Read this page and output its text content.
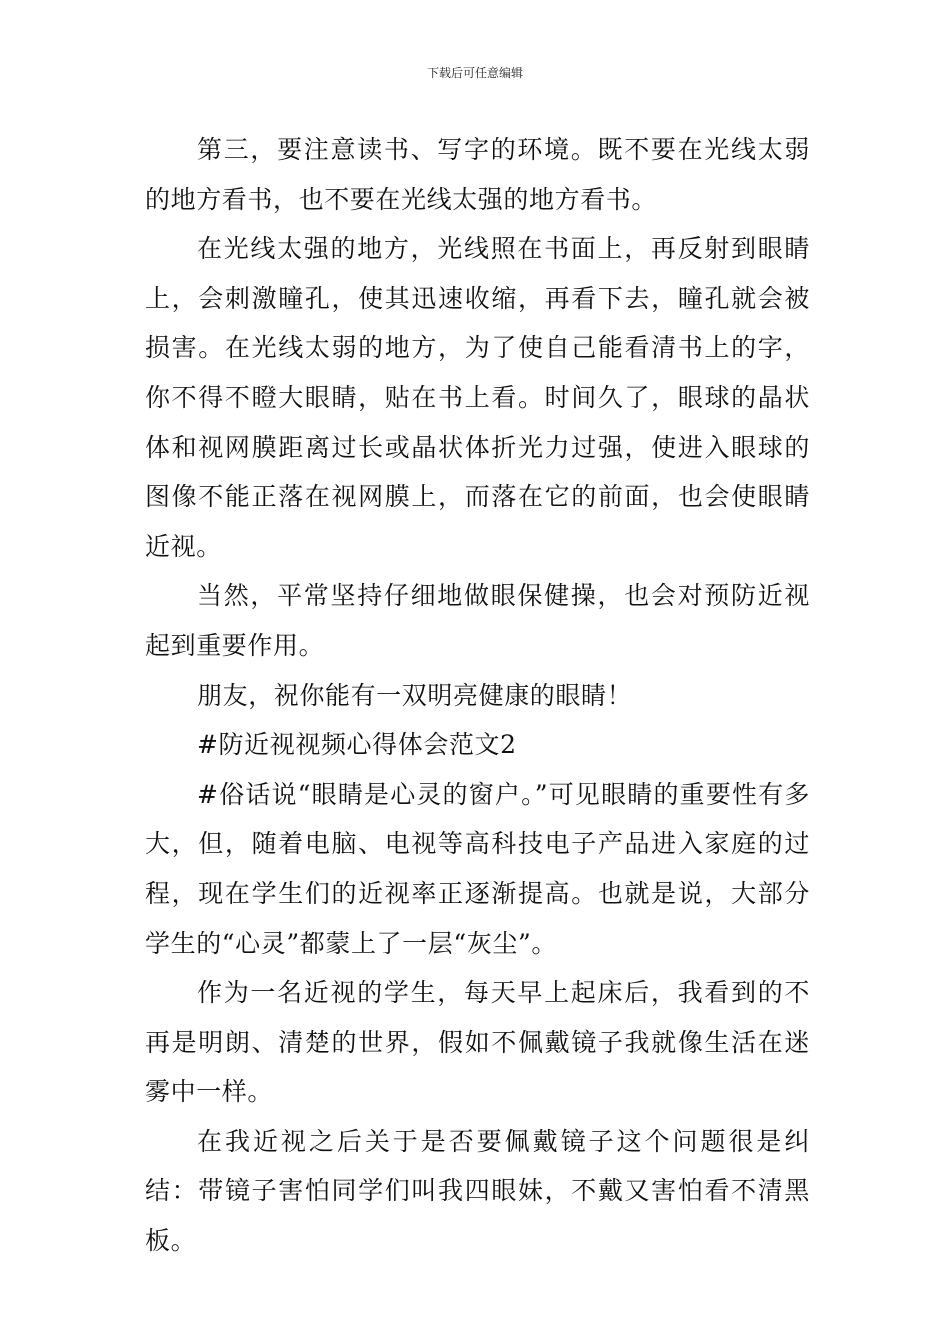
下载后可任意编辑

第三，要注意读书、写字的环境。既不要在光线太弱的地方看书，也不要在光线太强的地方看书。

在光线太强的地方，光线照在书面上，再反射到眼睛上，会刺激瞳孔，使其迅速收缩，再看下去，瞳孔就会被损害。在光线太弱的地方，为了使自己能看清书上的字，你不得不瞪大眼睛，贴在书上看。时间久了，眼球的晶状体和视网膜距离过长或晶状体折光力过强，使进入眼球的图像不能正落在视网膜上，而落在它的前面，也会使眼睛近视。

当然，平常坚持仔细地做眼保健操，也会对预防近视起到重要作用。

朋友，祝你能有一双明亮健康的眼睛！

#防近视视频心得体会范文2

#俗话说“眼睛是心灵的窗户。”可见眼睛的重要性有多大，但，随着电脑、电视等高科技电子产品进入家庭的过程，现在学生们的近视率正逐渐提高。也就是说，大部分学生的“心灵”都蒙上了一层“灰尘”。

作为一名近视的学生，每天早上起床后，我看到的不再是明朗、清楚的世界，假如不佩戴镜子我就像生活在迷雾中一样。

在我近视之后关于是否要佩戴镜子这个问题很是纠结：带镜子害怕同学们叫我四眼妹，不戴又害怕看不清黑板。
